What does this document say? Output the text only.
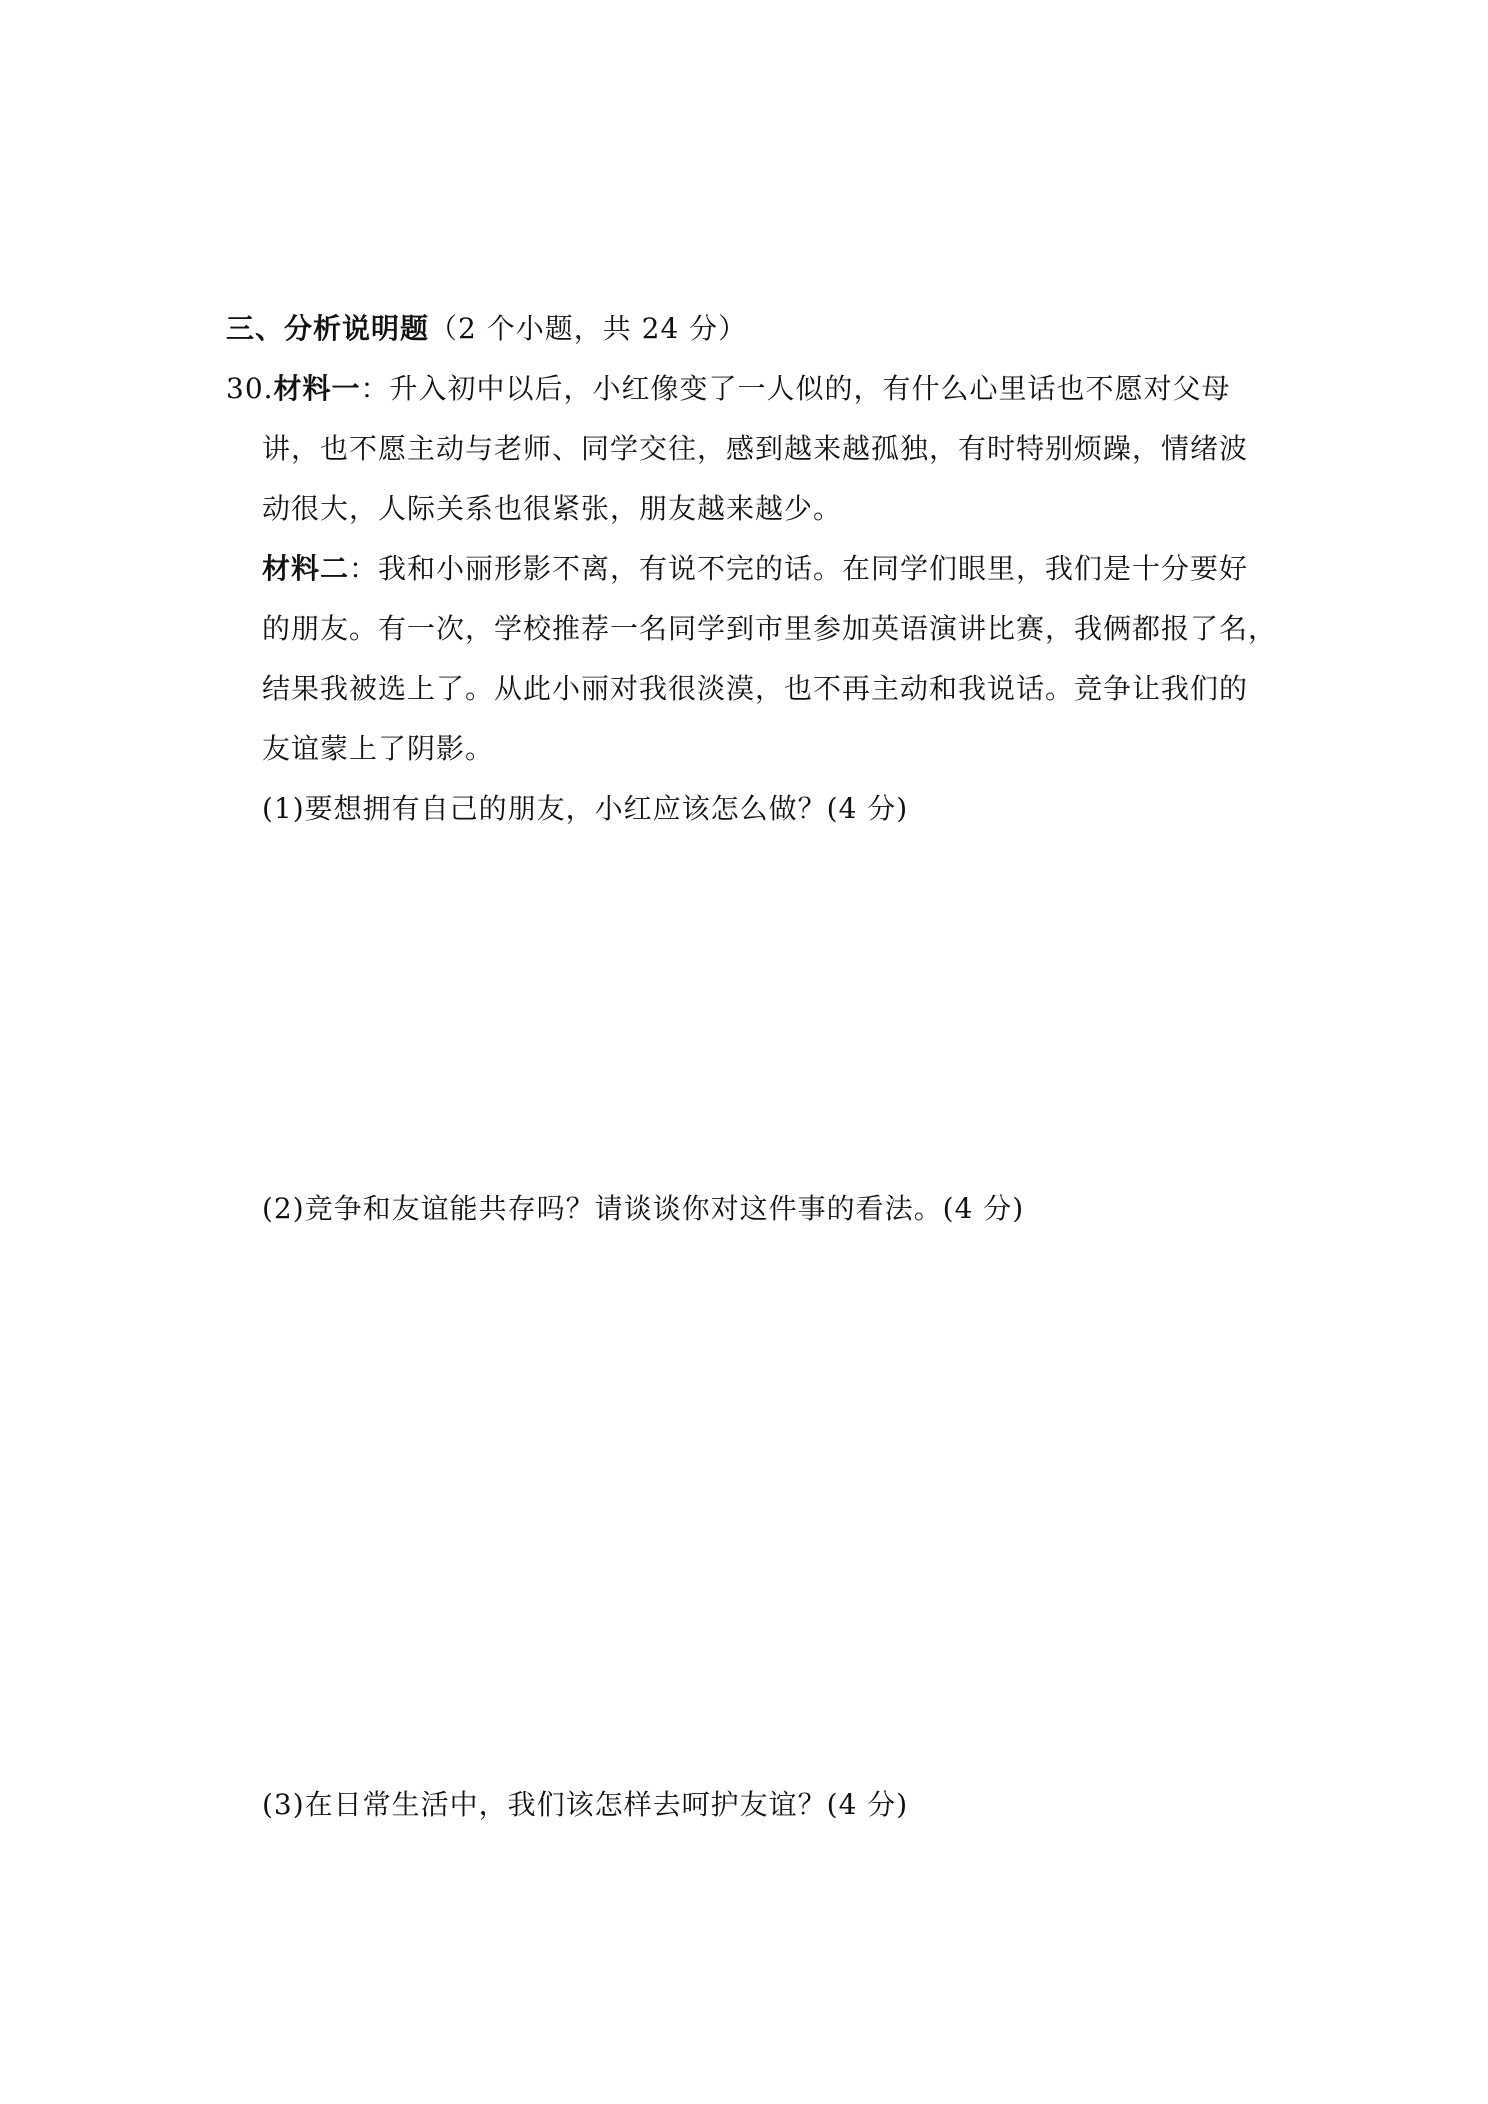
三、分析说明题（2 个小题，共 24 分）
30.材料一：升入初中以后，小红像变了一人似的，有什么心里话也不愿对父母
讲，也不愿主动与老师、同学交往，感到越来越孤独，有时特别烦躁，情绪波
动很大，人际关系也很紧张，朋友越来越少。
材料二：我和小丽形影不离，有说不完的话。在同学们眼里，我们是十分要好
的朋友。有一次，学校推荐一名同学到市里参加英语演讲比赛，我俩都报了名，
结果我被选上了。从此小丽对我很淡漠，也不再主动和我说话。竞争让我们的
友谊蒙上了阴影。
(1)要想拥有自己的朋友，小红应该怎么做？(4 分)
(2)竞争和友谊能共存吗？请谈谈你对这件事的看法。(4 分)
(3)在日常生活中，我们该怎样去呵护友谊？(4 分)
